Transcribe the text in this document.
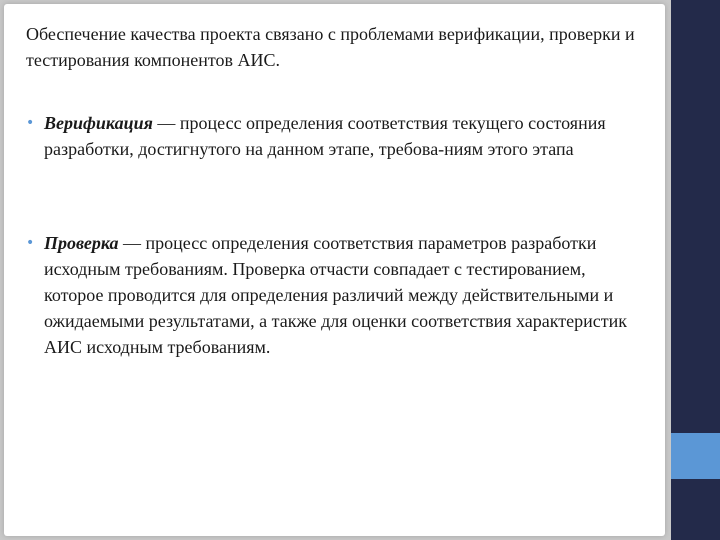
Обеспечение качества проекта связано с проблемами верификации, проверки и тестирования компонентов АИС.

• Верификация — процесс определения соответствия текущего состояния разработки, достигнутого на данном этапе, требова-ниям этого этапа
• Проверка — процесс определения соответствия параметров разработки исходным требованиям. Проверка отчасти совпадает с тестированием, которое проводится для определения различий между действительными и ожидаемыми результатами, а также для оценки соответствия характеристик АИС исходным требованиям.
